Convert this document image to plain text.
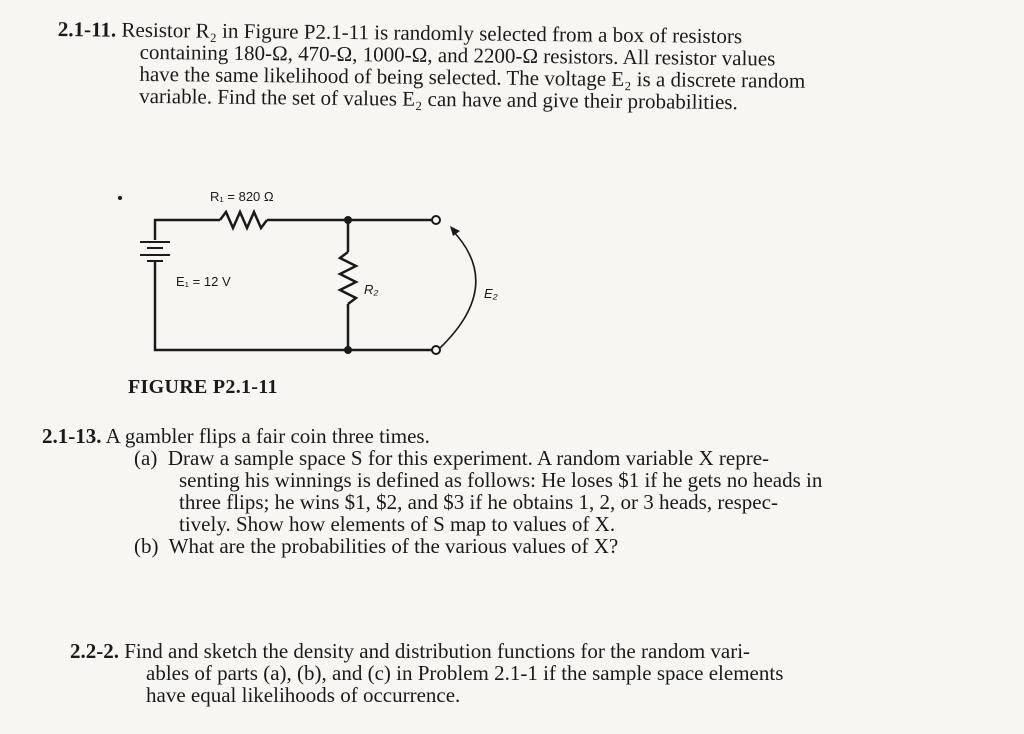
2.1-11. Resistor R₂ in Figure P2.1-11 is randomly selected from a box of resistors
containing 180-Ω, 470-Ω, 1000-Ω, and 2200-Ω resistors. All resistor values
have the same likelihood of being selected. The voltage E₂ is a discrete random
variable. Find the set of values E₂ can have and give their probabilities.
R₁ = 820 Ω
E₁ = 12 V
R₂	E₂
FIGURE P2.1-11
2.1-13. A gambler flips a fair coin three times.
(a) Draw a sample space S for this experiment. A random variable X repre-
senting his winnings is defined as follows: He loses $1 if he gets no heads in
three flips; he wins $1, $2, and $3 if he obtains 1, 2, or 3 heads, respec-
tively. Show how elements of S map to values of X.
(b) What are the probabilities of the various values of X?
2.2-2. Find and sketch the density and distribution functions for the random vari-
ables of parts (a), (b), and (c) in Problem 2.1-1 if the sample space elements
have equal likelihoods of occurrence.
